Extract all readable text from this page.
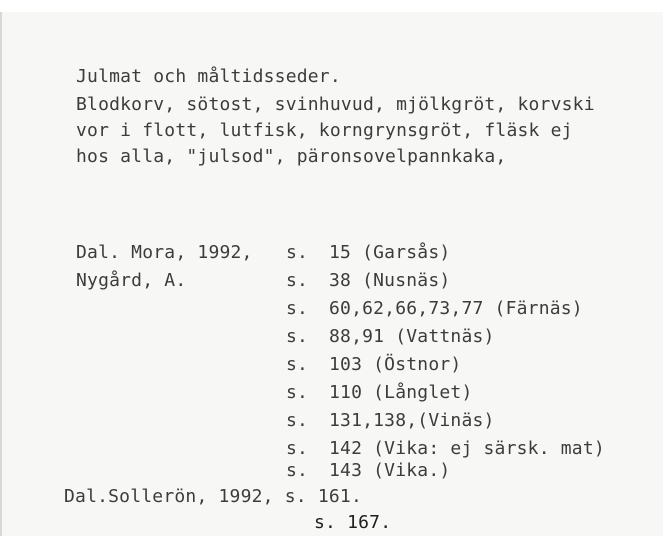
Julmat och måltidsseder.
Blodkorv, sötost, svinhuvud, mjölkgröt, korvski
vor i flott, lutfisk, korngrynsgröt, fläsk ej
hos alla, "julsod", päronsovelpannkaka,
Dal. Mora, 1992,
Nygård, A.
s. 15 (Garsås)
s. 38 (Nusnäs)
s. 60,62,66,73,77 (Färnäs)
s. 88,91 (Vattnäs)
s. 103 (Östnor)
s. 110 (Långlet)
s. 131,138,(Vinäs)
s. 142 (Vika: ej särsk. mat)
s. 143 (Vika.)
Dal.Sollerön, 1992, s. 161.
s. 167.
